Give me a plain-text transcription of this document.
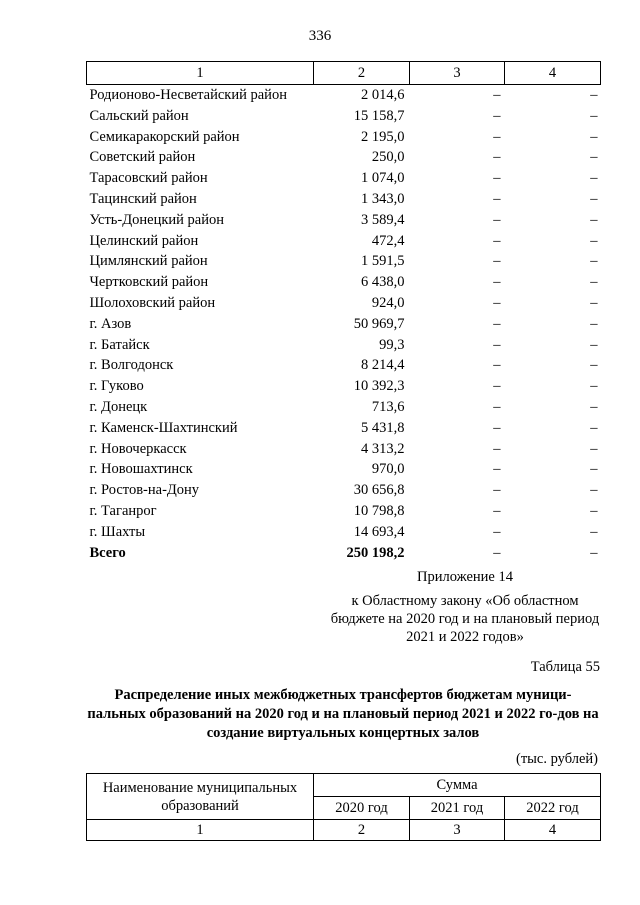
336
1	2	3	4
Родионово-Несветайский район	2 014,6	–	–
Сальский район	15 158,7	–	–
Семикаракорский район	2 195,0	–	–
Советский район	250,0	–	–
Тарасовский район	1 074,0	–	–
Тацинский район	1 343,0	–	–
Усть-Донецкий район	3 589,4	–	–
Целинский район	472,4	–	–
Цимлянский район	1 591,5	–	–
Чертковский район	6 438,0	–	–
Шолоховский район	924,0	–	–
г. Азов	50 969,7	–	–
г. Батайск	99,3	–	–
г. Волгодонск	8 214,4	–	–
г. Гуково	10 392,3	–	–
г. Донецк	713,6	–	–
г. Каменск-Шахтинский	5 431,8	–	–
г. Новочеркасск	4 313,2	–	–
г. Новошахтинск	970,0	–	–
г. Ростов-на-Дону	30 656,8	–	–
г. Таганрог	10 798,8	–	–
г. Шахты	14 693,4	–	–
Всего	250 198,2	–	–
Приложение 14
к Областному закону «Об областном бюджете на 2020 год и на плановый период 2021 и 2022 годов»
Таблица 55
Распределение иных межбюджетных трансфертов бюджетам муници-пальных образований на 2020 год и на плановый период 2021 и 2022 го-дов на создание виртуальных концертных залов
(тыс. рублей)
Наименование муниципальных образований	Сумма		
	2020 год	2021 год	2022 год
1	2	3	4
